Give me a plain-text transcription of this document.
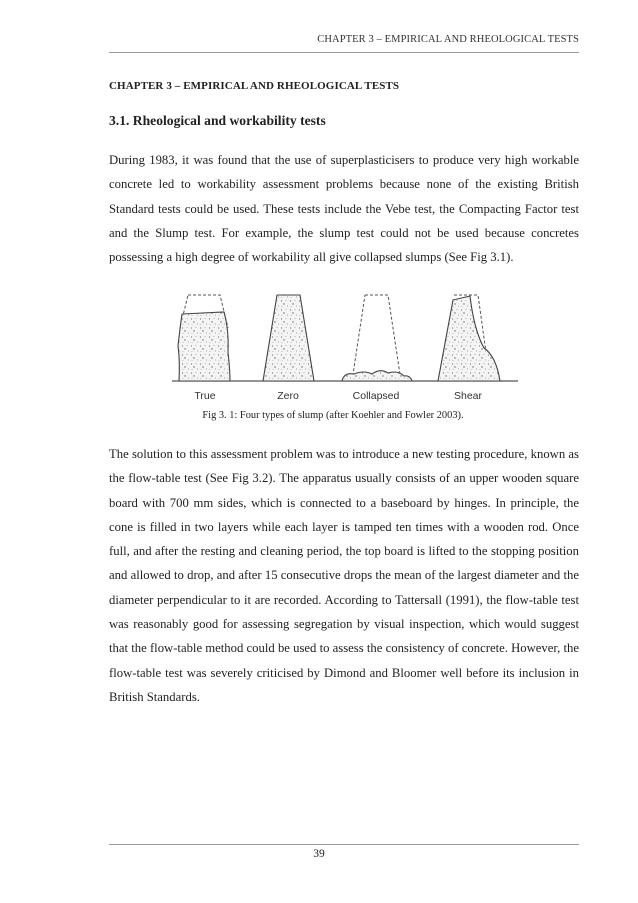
CHAPTER 3 – EMPIRICAL AND RHEOLOGICAL TESTS
CHAPTER 3 – EMPIRICAL AND RHEOLOGICAL TESTS
3.1. Rheological and workability tests

During 1983, it was found that the use of superplasticisers to produce very high workable concrete led to workability assessment problems because none of the existing British Standard tests could be used. These tests include the Vebe test, the Compacting Factor test and the Slump test. For example, the slump test could not be used because concretes possessing a high degree of workability all give collapsed slumps (See Fig 3.1).

True	Zero	Collapsed	Shear
Fig 3. 1: Four types of slump (after Koehler and Fowler 2003).

The solution to this assessment problem was to introduce a new testing procedure, known as the flow-table test (See Fig 3.2). The apparatus usually consists of an upper wooden square board with 700 mm sides, which is connected to a baseboard by hinges. In principle, the cone is filled in two layers while each layer is tamped ten times with a wooden rod. Once full, and after the resting and cleaning period, the top board is lifted to the stopping position and allowed to drop, and after 15 consecutive drops the mean of the largest diameter and the diameter perpendicular to it are recorded. According to Tattersall (1991), the flow-table test was reasonably good for assessing segregation by visual inspection, which would suggest that the flow-table method could be used to assess the consistency of concrete. However, the flow-table test was severely criticised by Dimond and Bloomer well before its inclusion in British Standards.

39
